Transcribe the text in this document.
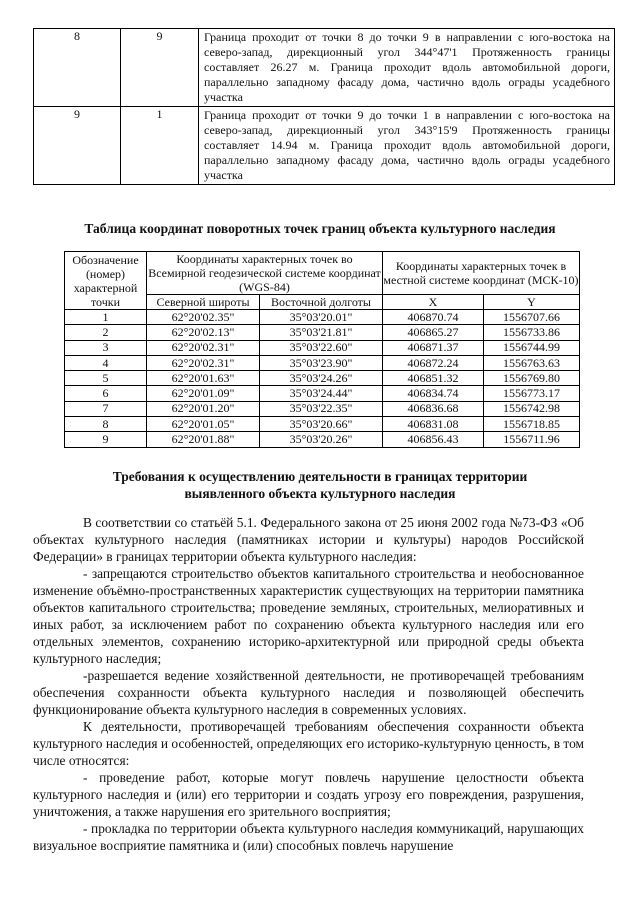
8	9	Граница проходит от точки 8 до точки 9 в направлении с юго-востока на северо-запад, дирекционный угол 344°47'1 Протяженность границы составляет 26.27 м. Граница проходит вдоль автомобильной дороги, параллельно западному фасаду дома, частично вдоль ограды усадебного участка
9	1	Граница проходит от точки 9 до точки 1 в направлении с юго-востока на северо-запад, дирекционный угол 343°15'9 Протяженность границы составляет 14.94 м. Граница проходит вдоль автомобильной дороги, параллельно западному фасаду дома, частично вдоль ограды усадебного участка
Таблица координат поворотных точек границ объекта культурного наследия
Обозначение (номер) характерной точки	Координаты характерных точек во Всемирной геодезической системе координат (WGS-84)		Координаты характерных точек в местной системе координат (МСК-10)	
	Северной широты	Восточной долготы	X	Y
1	62°20'02.35"	35°03'20.01"	406870.74	1556707.66
2	62°20'02.13"	35°03'21.81"	406865.27	1556733.86
3	62°20'02.31"	35°03'22.60"	406871.37	1556744.99
4	62°20'02.31"	35°03'23.90"	406872.24	1556763.63
5	62°20'01.63"	35°03'24.26"	406851.32	1556769.80
6	62°20'01.09"	35°03'24.44"	406834.74	1556773.17
7	62°20'01.20"	35°03'22.35"	406836.68	1556742.98
8	62°20'01.05"	35°03'20.66"	406831.08	1556718.85
9	62°20'01.88"	35°03'20.26"	406856.43	1556711.96
Требования к осуществлению деятельности в границах территории
выявленного объекта культурного наследия

В соответствии со статьёй 5.1. Федерального закона от 25 июня 2002 года №73-ФЗ «Об объектах культурного наследия (памятниках истории и культуры) народов Российской Федерации» в границах территории объекта культурного наследия:

- запрещаются строительство объектов капитального строительства и необоснованное изменение объёмно-пространственных характеристик существующих на территории памятника объектов капитального строительства; проведение земляных, строительных, мелиоративных и иных работ, за исключением работ по сохранению объекта культурного наследия или его отдельных элементов, сохранению историко-архитектурной или природной среды объекта культурного наследия;

-разрешается ведение хозяйственной деятельности, не противоречащей требованиям обеспечения сохранности объекта культурного наследия и позволяющей обеспечить функционирование объекта культурного наследия в современных условиях.

К деятельности, противоречащей требованиям обеспечения сохранности объекта культурного наследия и особенностей, определяющих его историко-культурную ценность, в том числе относятся:

- проведение работ, которые могут повлечь нарушение целостности объекта культурного наследия и (или) его территории и создать угрозу его повреждения, разрушения, уничтожения, а также нарушения его зрительного восприятия;

- прокладка по территории объекта культурного наследия коммуникаций, нарушающих визуальное восприятие памятника и (или) способных повлечь нарушение
